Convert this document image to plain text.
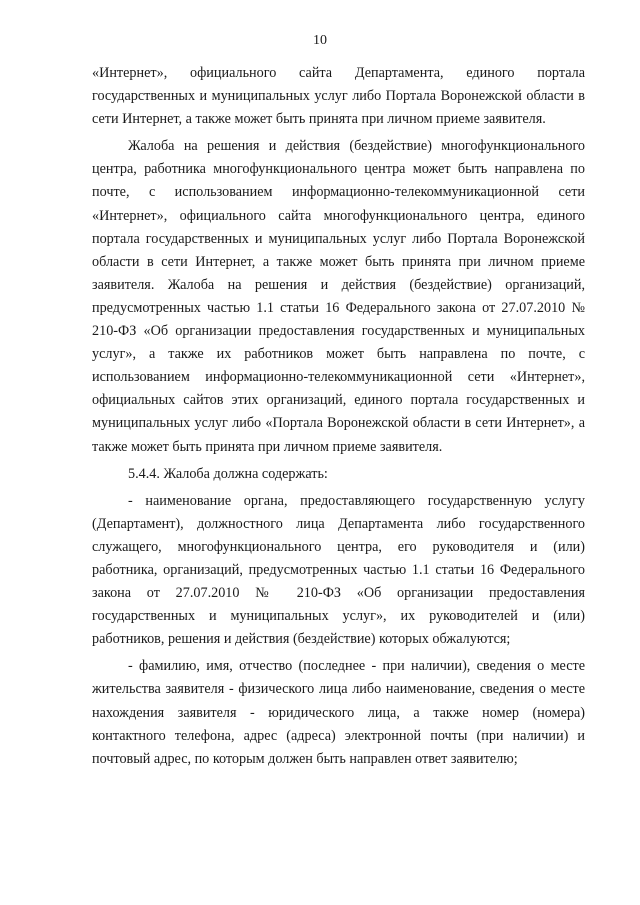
10
«Интернет», официального сайта Департамента, единого портала
государственных и муниципальных услуг либо Портала Воронежской области в
сети Интернет, а также может быть принята при личном приеме заявителя.
Жалоба на решения и действия (бездействие) многофункционального
центра, работника многофункционального центра может быть направлена по
почте, с использованием информационно-телекоммуникационной сети
«Интернет», официального сайта многофункционального центра, единого
портала государственных и муниципальных услуг либо Портала Воронежской
области в сети Интернет, а также может быть принята при личном приеме
заявителя. Жалоба на решения и действия (бездействие) организаций,
предусмотренных частью 1.1 статьи 16 Федерального закона от 27.07.2010 №
210-ФЗ «Об организации предоставления государственных и муниципальных
услуг», а также их работников может быть направлена по почте, с
использованием информационно-телекоммуникационной сети «Интернет»,
официальных сайтов этих организаций, единого портала государственных и
муниципальных услуг либо «Портала Воронежской области в сети Интернет», а
также может быть принята при личном приеме заявителя.
5.4.4. Жалоба должна содержать:
- наименование органа, предоставляющего государственную услугу
(Департамент), должностного лица Департамента либо государственного
служащего, многофункционального центра, его руководителя и (или)
работника, организаций, предусмотренных частью 1.1 статьи 16 Федерального
закона от 27.07.2010 № 210-ФЗ «Об организации предоставления
государственных и муниципальных услуг», их руководителей и (или)
работников, решения и действия (бездействие) которых обжалуются;
- фамилию, имя, отчество (последнее - при наличии), сведения о месте
жительства заявителя - физического лица либо наименование, сведения о месте
нахождения заявителя - юридического лица, а также номер (номера)
контактного телефона, адрес (адреса) электронной почты (при наличии) и
почтовый адрес, по которым должен быть направлен ответ заявителю;
